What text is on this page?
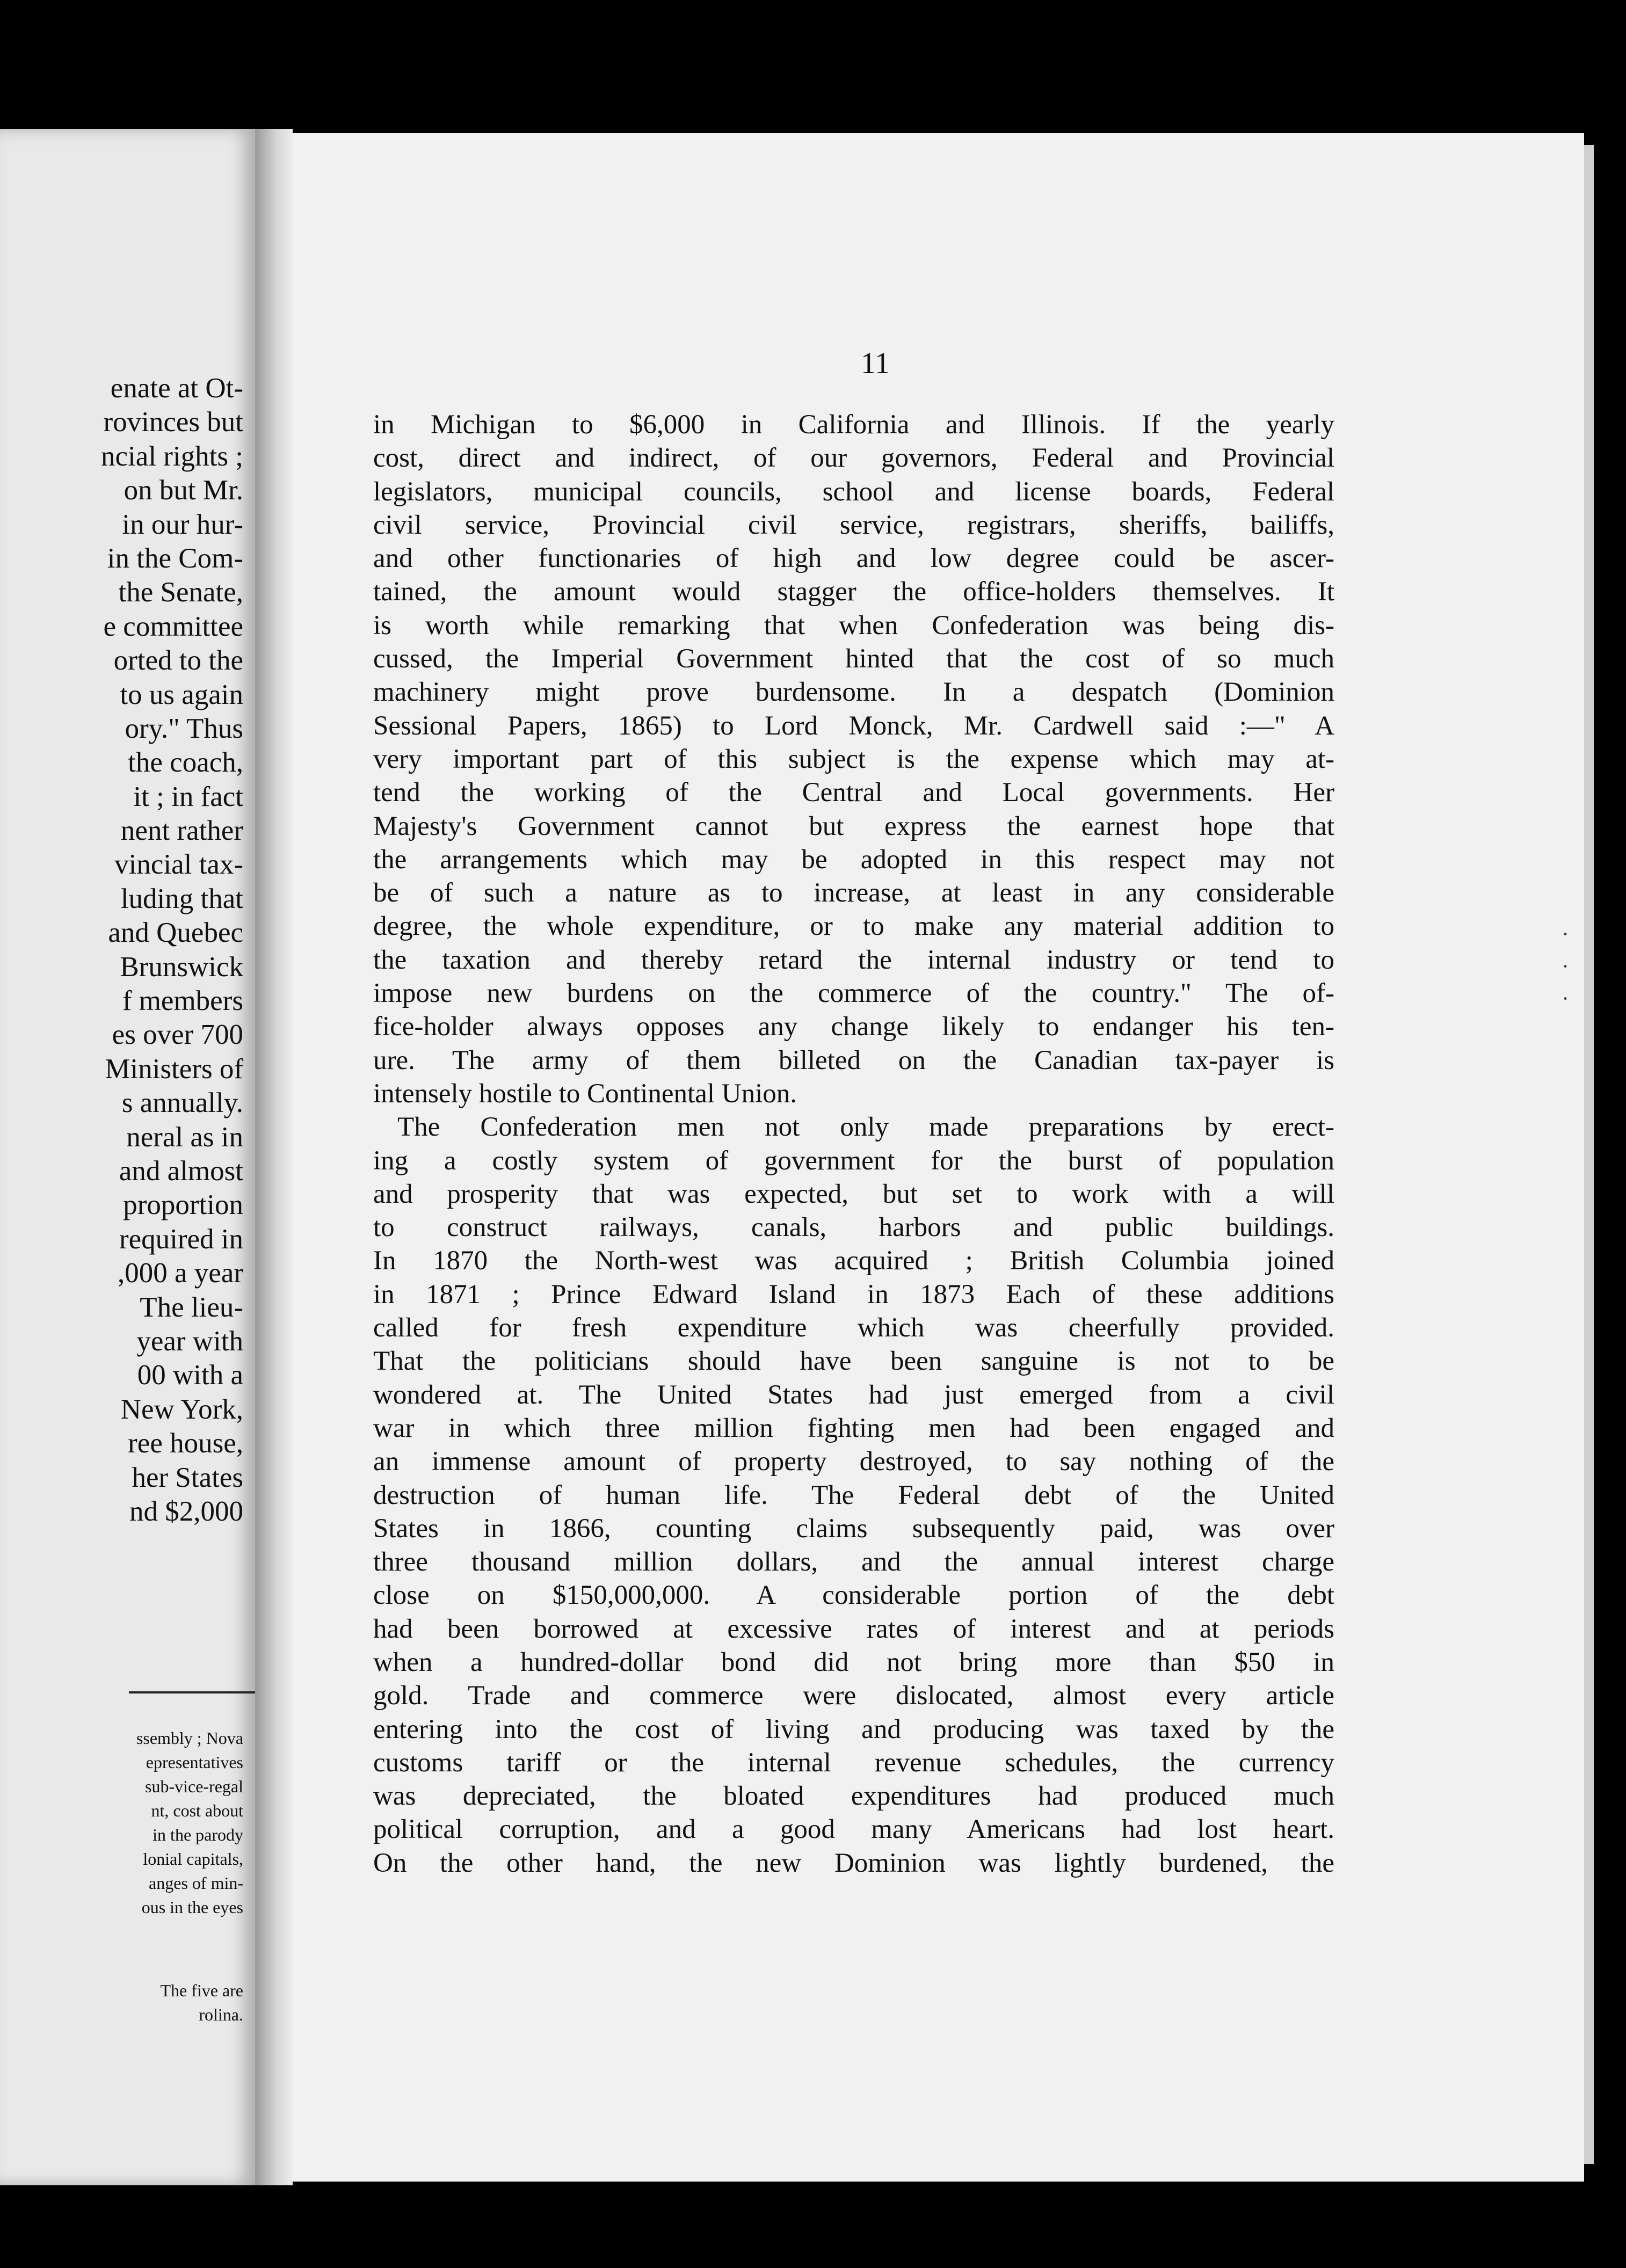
enate at Ot-
rovinces but
ncial rights ;
on but Mr.
in our hur-
in the Com-
the Senate,
e committee
orted to the
to us again
ory." Thus
the coach,
it ; in fact
nent rather
vincial tax-
luding that
and Quebec
Brunswick
f members
es over 700
Ministers of
s annually.
neral as in
and almost
proportion
required in
,000 a year
The lieu-
year with
00 with a
New York,
ree house,
her States
nd $2,000
ssembly ; Nova
epresentatives
sub-vice-regal
nt, cost about
in the parody
lonial capitals,
anges of min-
ous in the eyes
The five are
rolina.
11
in Michigan to $6,000 in California and Illinois. If the yearly
cost, direct and indirect, of our governors, Federal and Provincial
legislators, municipal councils, school and license boards, Federal
civil service, Provincial civil service, registrars, sheriffs, bailiffs,
and other functionaries of high and low degree could be ascer-
tained, the amount would stagger the office-holders themselves. It
is worth while remarking that when Confederation was being dis-
cussed, the Imperial Government hinted that the cost of so much
machinery might prove burdensome. In a despatch (Dominion
Sessional Papers, 1865) to Lord Monck, Mr. Cardwell said :—" A
very important part of this subject is the expense which may at-
tend the working of the Central and Local governments. Her
Majesty's Government cannot but express the earnest hope that
the arrangements which may be adopted in this respect may not
be of such a nature as to increase, at least in any considerable
degree, the whole expenditure, or to make any material addition to
the taxation and thereby retard the internal industry or tend to
impose new burdens on the commerce of the country." The of-
fice-holder always opposes any change likely to endanger his ten-
ure. The army of them billeted on the Canadian tax-payer is
intensely hostile to Continental Union.
The Confederation men not only made preparations by erect-
ing a costly system of government for the burst of population
and prosperity that was expected, but set to work with a will
to construct railways, canals, harbors and public buildings.
In 1870 the North-west was acquired ; British Columbia joined
in 1871 ; Prince Edward Island in 1873 Each of these additions
called for fresh expenditure which was cheerfully provided.
That the politicians should have been sanguine is not to be
wondered at. The United States had just emerged from a civil
war in which three million fighting men had been engaged and
an immense amount of property destroyed, to say nothing of the
destruction of human life. The Federal debt of the United
States in 1866, counting claims subsequently paid, was over
three thousand million dollars, and the annual interest charge
close on $150,000,000. A considerable portion of the debt
had been borrowed at excessive rates of interest and at periods
when a hundred-dollar bond did not bring more than $50 in
gold. Trade and commerce were dislocated, almost every article
entering into the cost of living and producing was taxed by the
customs tariff or the internal revenue schedules, the currency
was depreciated, the bloated expenditures had produced much
political corruption, and a good many Americans had lost heart.
On the other hand, the new Dominion was lightly burdened, the
·
·
·
